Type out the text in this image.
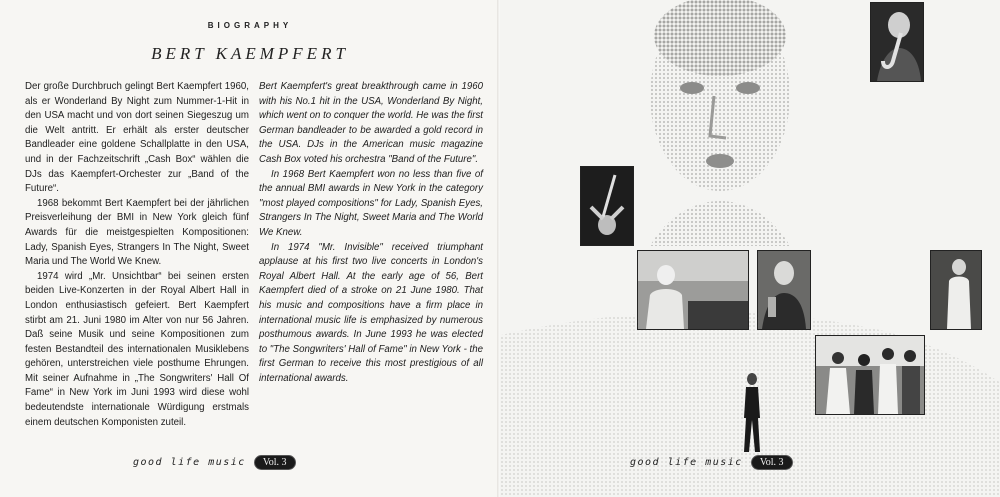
BIOGRAPHY
BERT KAEMPFERT

Der große Durchbruch gelingt Bert Kaempfert 1960, als er Wonderland By Night zum Nummer-1-Hit in den USA macht und von dort seinen Siegeszug um die Welt antritt. Er erhält als erster deutscher Bandleader eine goldene Schallplatte in den USA, und in der Fachzeitschrift „Cash Box“ wählen die DJs das Kaempfert-Orchester zur „Band of the Future“.

1968 bekommt Bert Kaempfert bei der jährlichen Preisverleihung der BMI in New York gleich fünf Awards für die meistgespielten Kompositionen: Lady, Spanish Eyes, Strangers In The Night, Sweet Maria und The World We Knew.

1974 wird „Mr. Unsichtbar“ bei seinen ersten beiden Live-Konzerten in der Royal Albert Hall in London enthusiastisch gefeiert. Bert Kaempfert stirbt am 21. Juni 1980 im Alter von nur 56 Jahren. Daß seine Musik und seine Kompositionen zum festen Bestandteil des internationalen Musiklebens gehören, unterstreichen viele posthume Ehrungen. Mit seiner Aufnahme in „The Songwriters' Hall Of Fame“ in New York im Juni 1993 wird diese wohl bedeutendste internationale Würdigung erstmals einem deutschen Komponisten zuteil.

Bert Kaempfert's great breakthrough came in 1960 with his No.1 hit in the USA, Wonderland By Night, which went on to conquer the world. He was the first German bandleader to be awarded a gold record in the USA. DJs in the American music magazine Cash Box voted his orchestra "Band of the Future".

In 1968 Bert Kaempfert won no less than five of the annual BMI awards in New York in the category "most played compositions" for Lady, Spanish Eyes, Strangers In The Night, Sweet Maria and The World We Knew.

In 1974 "Mr. Invisible" received triumphant applause at his first two live concerts in London's Royal Albert Hall. At the early age of 56, Bert Kaempfert died of a stroke on 21 June 1980. That his music and compositions have a firm place in international music life is emphasized by numerous posthumous awards. In June 1993 he was elected to "The Songwriters' Hall of Fame" in New York - the first German to receive this most prestigious of all international awards.

good life music	Vol. 3	good life music	Vol. 3
